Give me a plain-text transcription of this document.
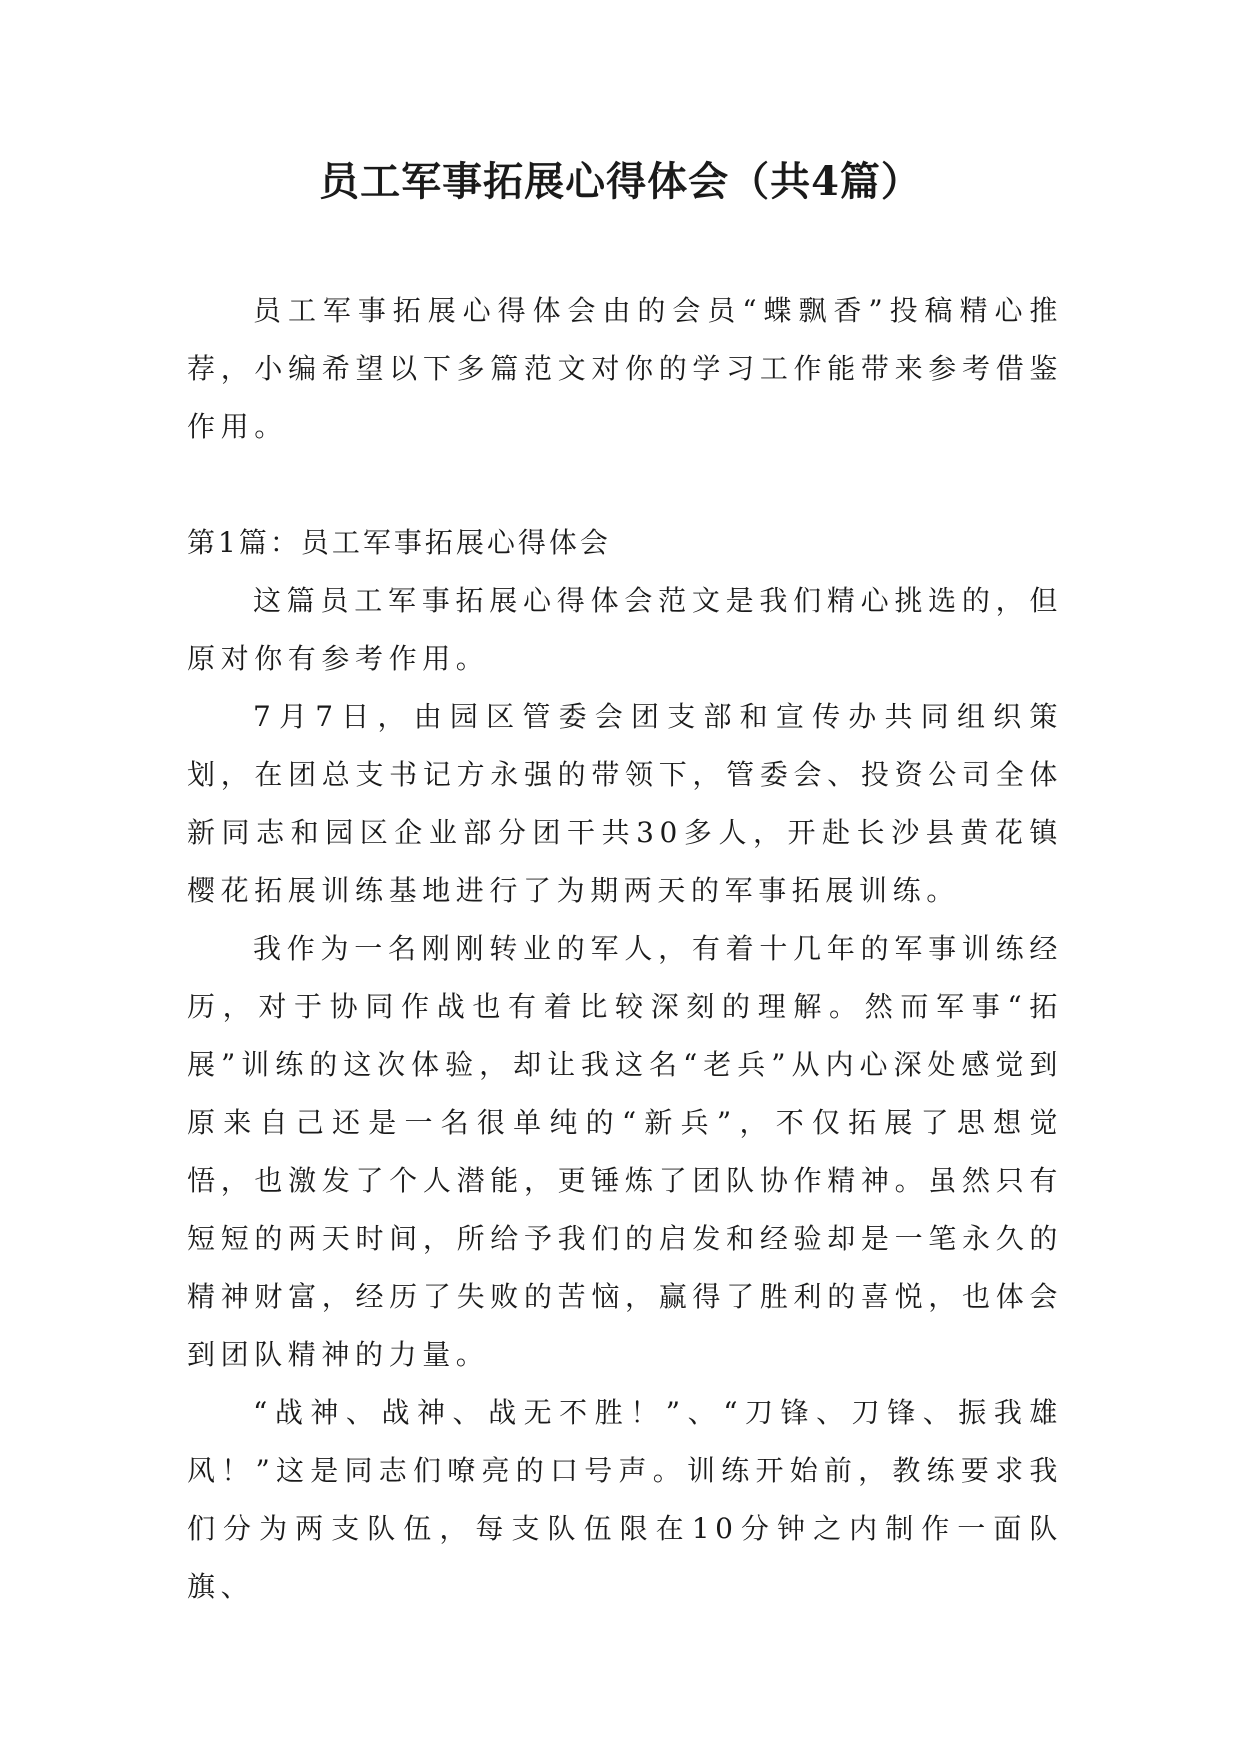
员工军事拓展心得体会（共4篇）

员工军事拓展心得体会由的会员“蝶飘香”投稿精心推荐，小编希望以下多篇范文对你的学习工作能带来参考借鉴作用。

第1篇：员工军事拓展心得体会

这篇员工军事拓展心得体会范文是我们精心挑选的，但原对你有参考作用。

7月7日，由园区管委会团支部和宣传办共同组织策划，在团总支书记方永强的带领下，管委会、投资公司全体新同志和园区企业部分团干共30多人，开赴长沙县黄花镇樱花拓展训练基地进行了为期两天的军事拓展训练。

我作为一名刚刚转业的军人，有着十几年的军事训练经历，对于协同作战也有着比较深刻的理解。然而军事“拓展”训练的这次体验，却让我这名“老兵”从内心深处感觉到原来自己还是一名很单纯的“新兵”，不仅拓展了思想觉悟，也激发了个人潜能，更锤炼了团队协作精神。虽然只有短短的两天时间，所给予我们的启发和经验却是一笔永久的精神财富，经历了失败的苦恼，赢得了胜利的喜悦，也体会到团队精神的力量。

“战神、战神、战无不胜！”、“刀锋、刀锋、振我雄风！”这是同志们嘹亮的口号声。训练开始前，教练要求我们分为两支队伍，每支队伍限在10分钟之内制作一面队旗、
